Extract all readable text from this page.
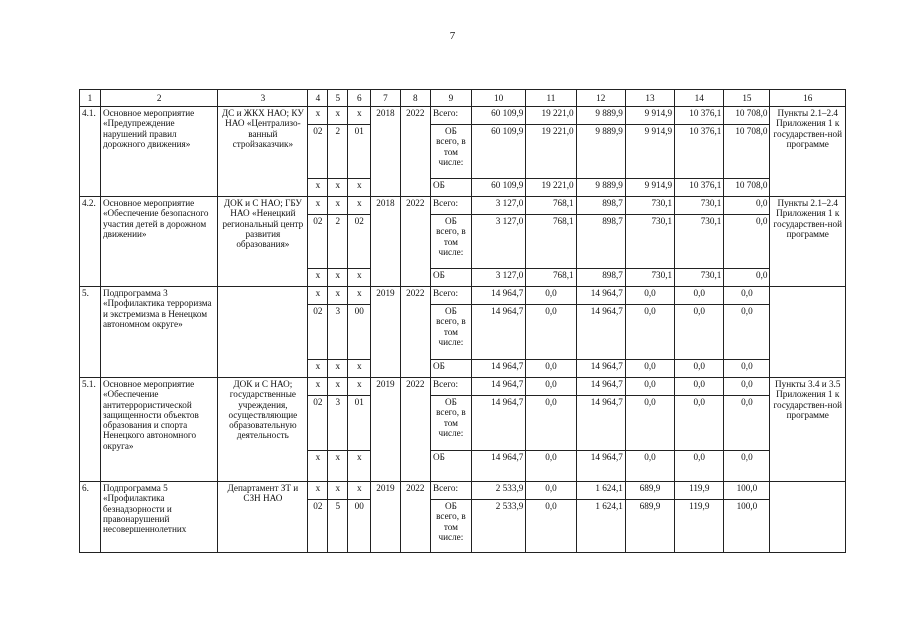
7
1	2	3	4	5	6	7	8	9	10	11	12	13	14	15	16
4.1.	Основное мероприятие «Предупреждение нарушений правил дорожного движения»	ДС и ЖКХ НАО; КУ НАО «Централизо-ванный стройзаказчик»	x	x	x	2018	2022	Всего:	60 109,9	19 221,0	9 889,9	9 914,9	10 376,1	10 708,0	Пункты 2.1–2.4 Приложения 1 к государствен-ной программе
			02	2	01			ОБ всего, в том числе:	60 109,9	19 221,0	9 889,9	9 914,9	10 376,1	10 708,0	
			x	x	x			ОБ	60 109,9	19 221,0	9 889,9	9 914,9	10 376,1	10 708,0	
4.2.	Основное мероприятие «Обеспечение безопасного участия детей в дорожном движении»	ДОК и С НАО; ГБУ НАО «Ненецкий региональный центр развития образования»	x	x	x	2018	2022	Всего:	3 127,0	768,1	898,7	730,1	730,1	0,0	Пункты 2.1–2.4 Приложения 1 к государствен-ной программе
			02	2	02			ОБ всего, в том числе:	3 127,0	768,1	898,7	730,1	730,1	0,0	
			x	x	x			ОБ	3 127,0	768,1	898,7	730,1	730,1	0,0	
5.	Подпрограмма 3 «Профилактика терроризма и экстремизма в Ненецком автономном округе»		x	x	x	2019	2022	Всего:	14 964,7	0,0	14 964,7	0,0	0,0	0,0	
			02	3	00			ОБ всего, в том числе:	14 964,7	0,0	14 964,7	0,0	0,0	0,0	
			x	x	x			ОБ	14 964,7	0,0	14 964,7	0,0	0,0	0,0	
5.1.	Основное мероприятие «Обеспечение антитеррористической защищенности объектов образования и спорта Ненецкого автономного округа»	ДОК и С НАО; государственные учреждения, осуществляющие образовательную деятельность	x	x	x	2019	2022	Всего:	14 964,7	0,0	14 964,7	0,0	0,0	0,0	Пункты 3.4 и 3.5 Приложения 1 к государствен-ной программе
			02	3	01			ОБ всего, в том числе:	14 964,7	0,0	14 964,7	0,0	0,0	0,0	
			x	x	x			ОБ	14 964,7	0,0	14 964,7	0,0	0,0	0,0	
6.	Подпрограмма 5 «Профилактика безнадзорности и правонарушений несовершеннолетних	Департамент ЗТ и СЗН НАО	x	x	x	2019	2022	Всего:	2 533,9	0,0	1 624,1	689,9	119,9	100,0	
			02	5	00			ОБ всего, в том числе:	2 533,9	0,0	1 624,1	689,9	119,9	100,0	
